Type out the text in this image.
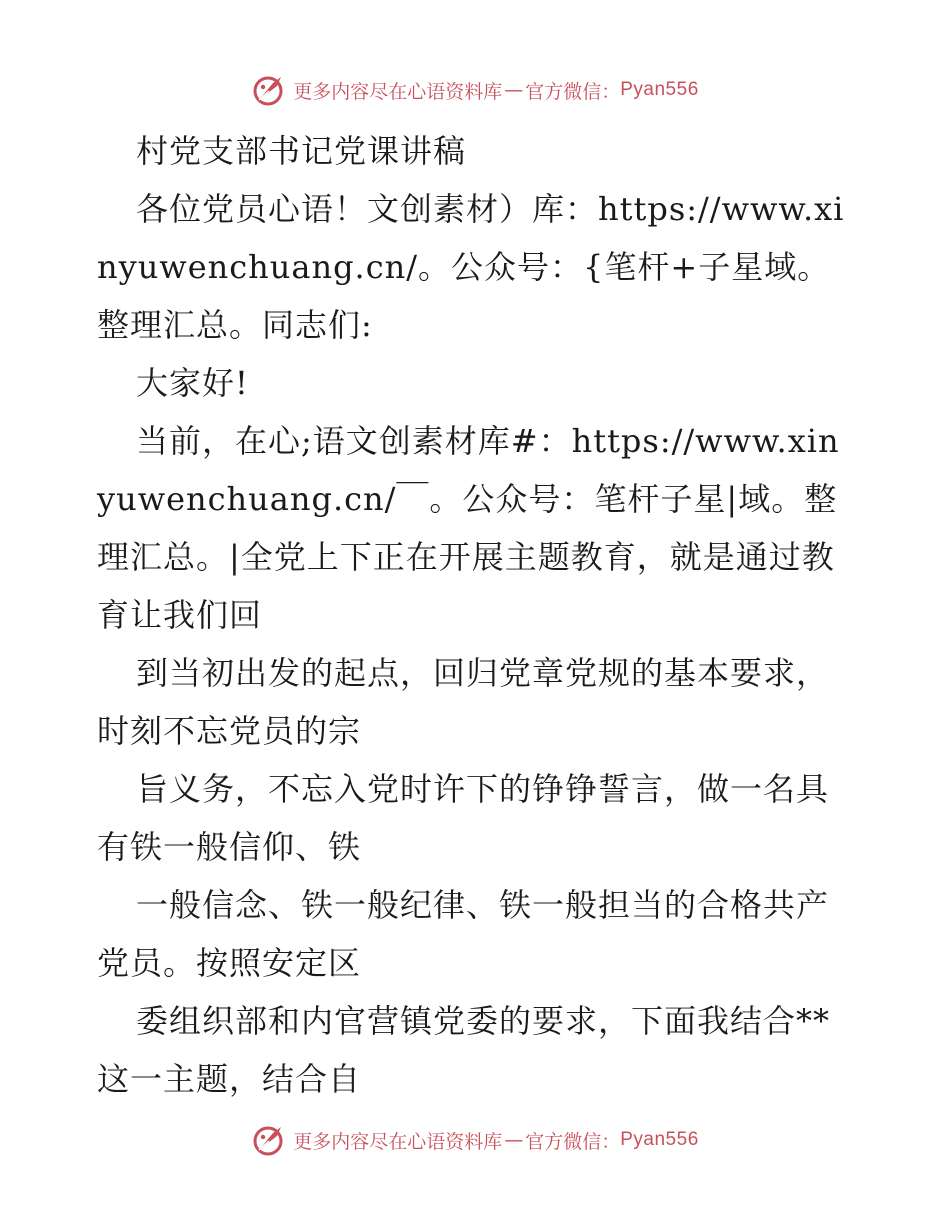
更多内容尽在心语资料库 — 官方微信： Pyan556

村党支部书记党课讲稿

各位党员心语！文创素材）库：https://www.xinyuwenchuang.cn/。公众号：{笔杆+子星域。整理汇总。同志们:

大家好!

当前，在心;语文创素材库#：https://www.xinyuwenchuang.cn/￣。公众号：笔杆子星|域。整理汇总。|全党上下正在开展主题教育，就是通过教育让我们回

到当初出发的起点，回归党章党规的基本要求，时刻不忘党员的宗

旨义务，不忘入党时许下的铮铮誓言，做一名具有铁一般信仰、铁

一般信念、铁一般纪律、铁一般担当的合格共产党员。按照安定区

委组织部和内官营镇党委的要求，下面我结合**这一主题，结合自

更多内容尽在心语资料库 — 官方微信： Pyan556
